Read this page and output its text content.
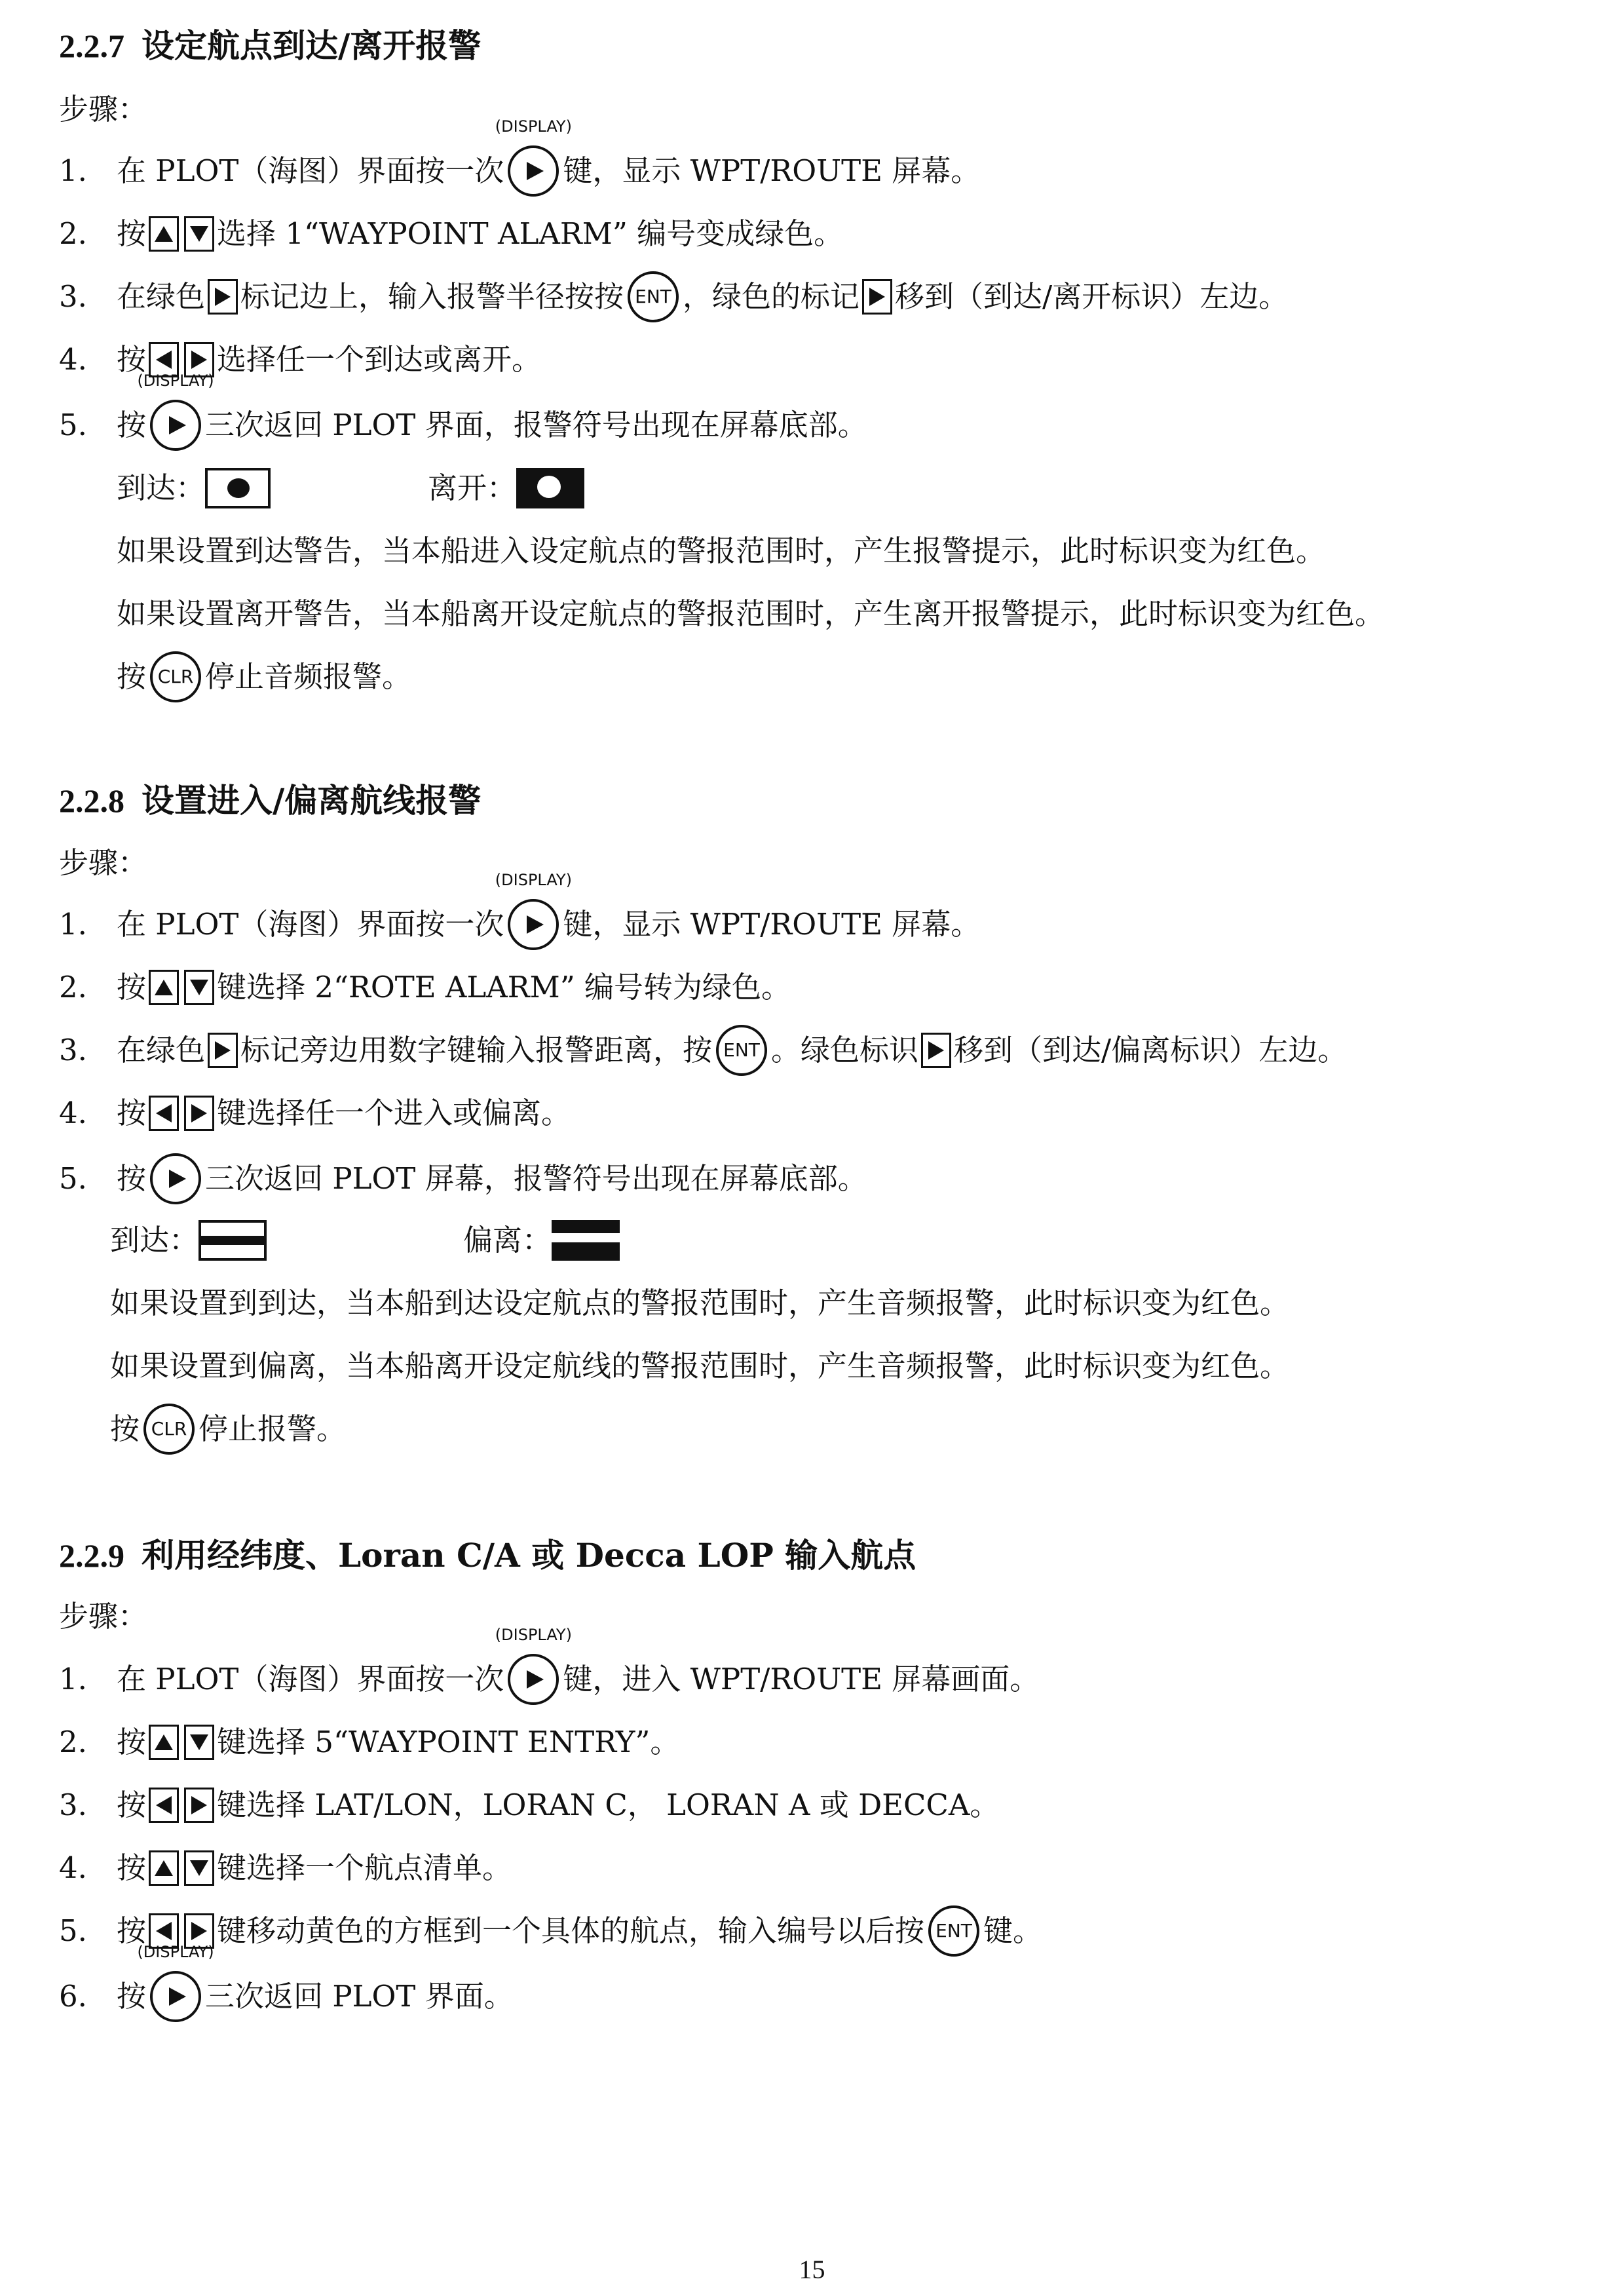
2.2.7 设定航点到达/离开报警
步骤：
1.	在 PLOT（海图）界面按一次
(DISPLAY)
键，显示 WPT/ROUTE 屏幕。
2.	按 选择 1“WAYPOINT ALARM” 编号变成绿色。
3.	在绿色 标记边上，输入报警半径按按 ENT ，绿色的标记 移到（到达/离开标识）左边。
4.	按 选择任一个到达或离开。
5.	按
(DISPLAY)
三次返回 PLOT 界面，报警符号出现在屏幕底部。
到达：	离开：
如果设置到达警告，当本船进入设定航点的警报范围时，产生报警提示，此时标识变为红色。
如果设置离开警告，当本船离开设定航点的警报范围时，产生离开报警提示，此时标识变为红色。
按 CLR 停止音频报警。
2.2.8 设置进入/偏离航线报警
步骤：
1.	在 PLOT（海图）界面按一次
(DISPLAY)
键，显示 WPT/ROUTE 屏幕。
2.	按 键选择 2“ROTE ALARM” 编号转为绿色。
3.	在绿色 标记旁边用数字键输入报警距离，按 ENT 。绿色标识 移到（到达/偏离标识）左边。
4.	按 键选择任一个进入或偏离。
5.	按 三次返回 PLOT 屏幕，报警符号出现在屏幕底部。
到达：	偏离：
如果设置到到达，当本船到达设定航点的警报范围时，产生音频报警，此时标识变为红色。
如果设置到偏离，当本船离开设定航线的警报范围时，产生音频报警，此时标识变为红色。
按 CLR 停止报警。
2.2.9 利用经纬度、Loran C/A 或 Decca LOP 输入航点
步骤：
1.	在 PLOT（海图）界面按一次
(DISPLAY)
键，进入 WPT/ROUTE 屏幕画面。
2.	按 键选择 5“WAYPOINT ENTRY”。
3.	按 键选择 LAT/LON，LORAN C， LORAN A 或 DECCA。
4.	按 键选择一个航点清单。
5.	按 键移动黄色的方框到一个具体的航点，输入编号以后按 ENT 键。
6.	按
(DISPLAY)
三次返回 PLOT 界面。
15
